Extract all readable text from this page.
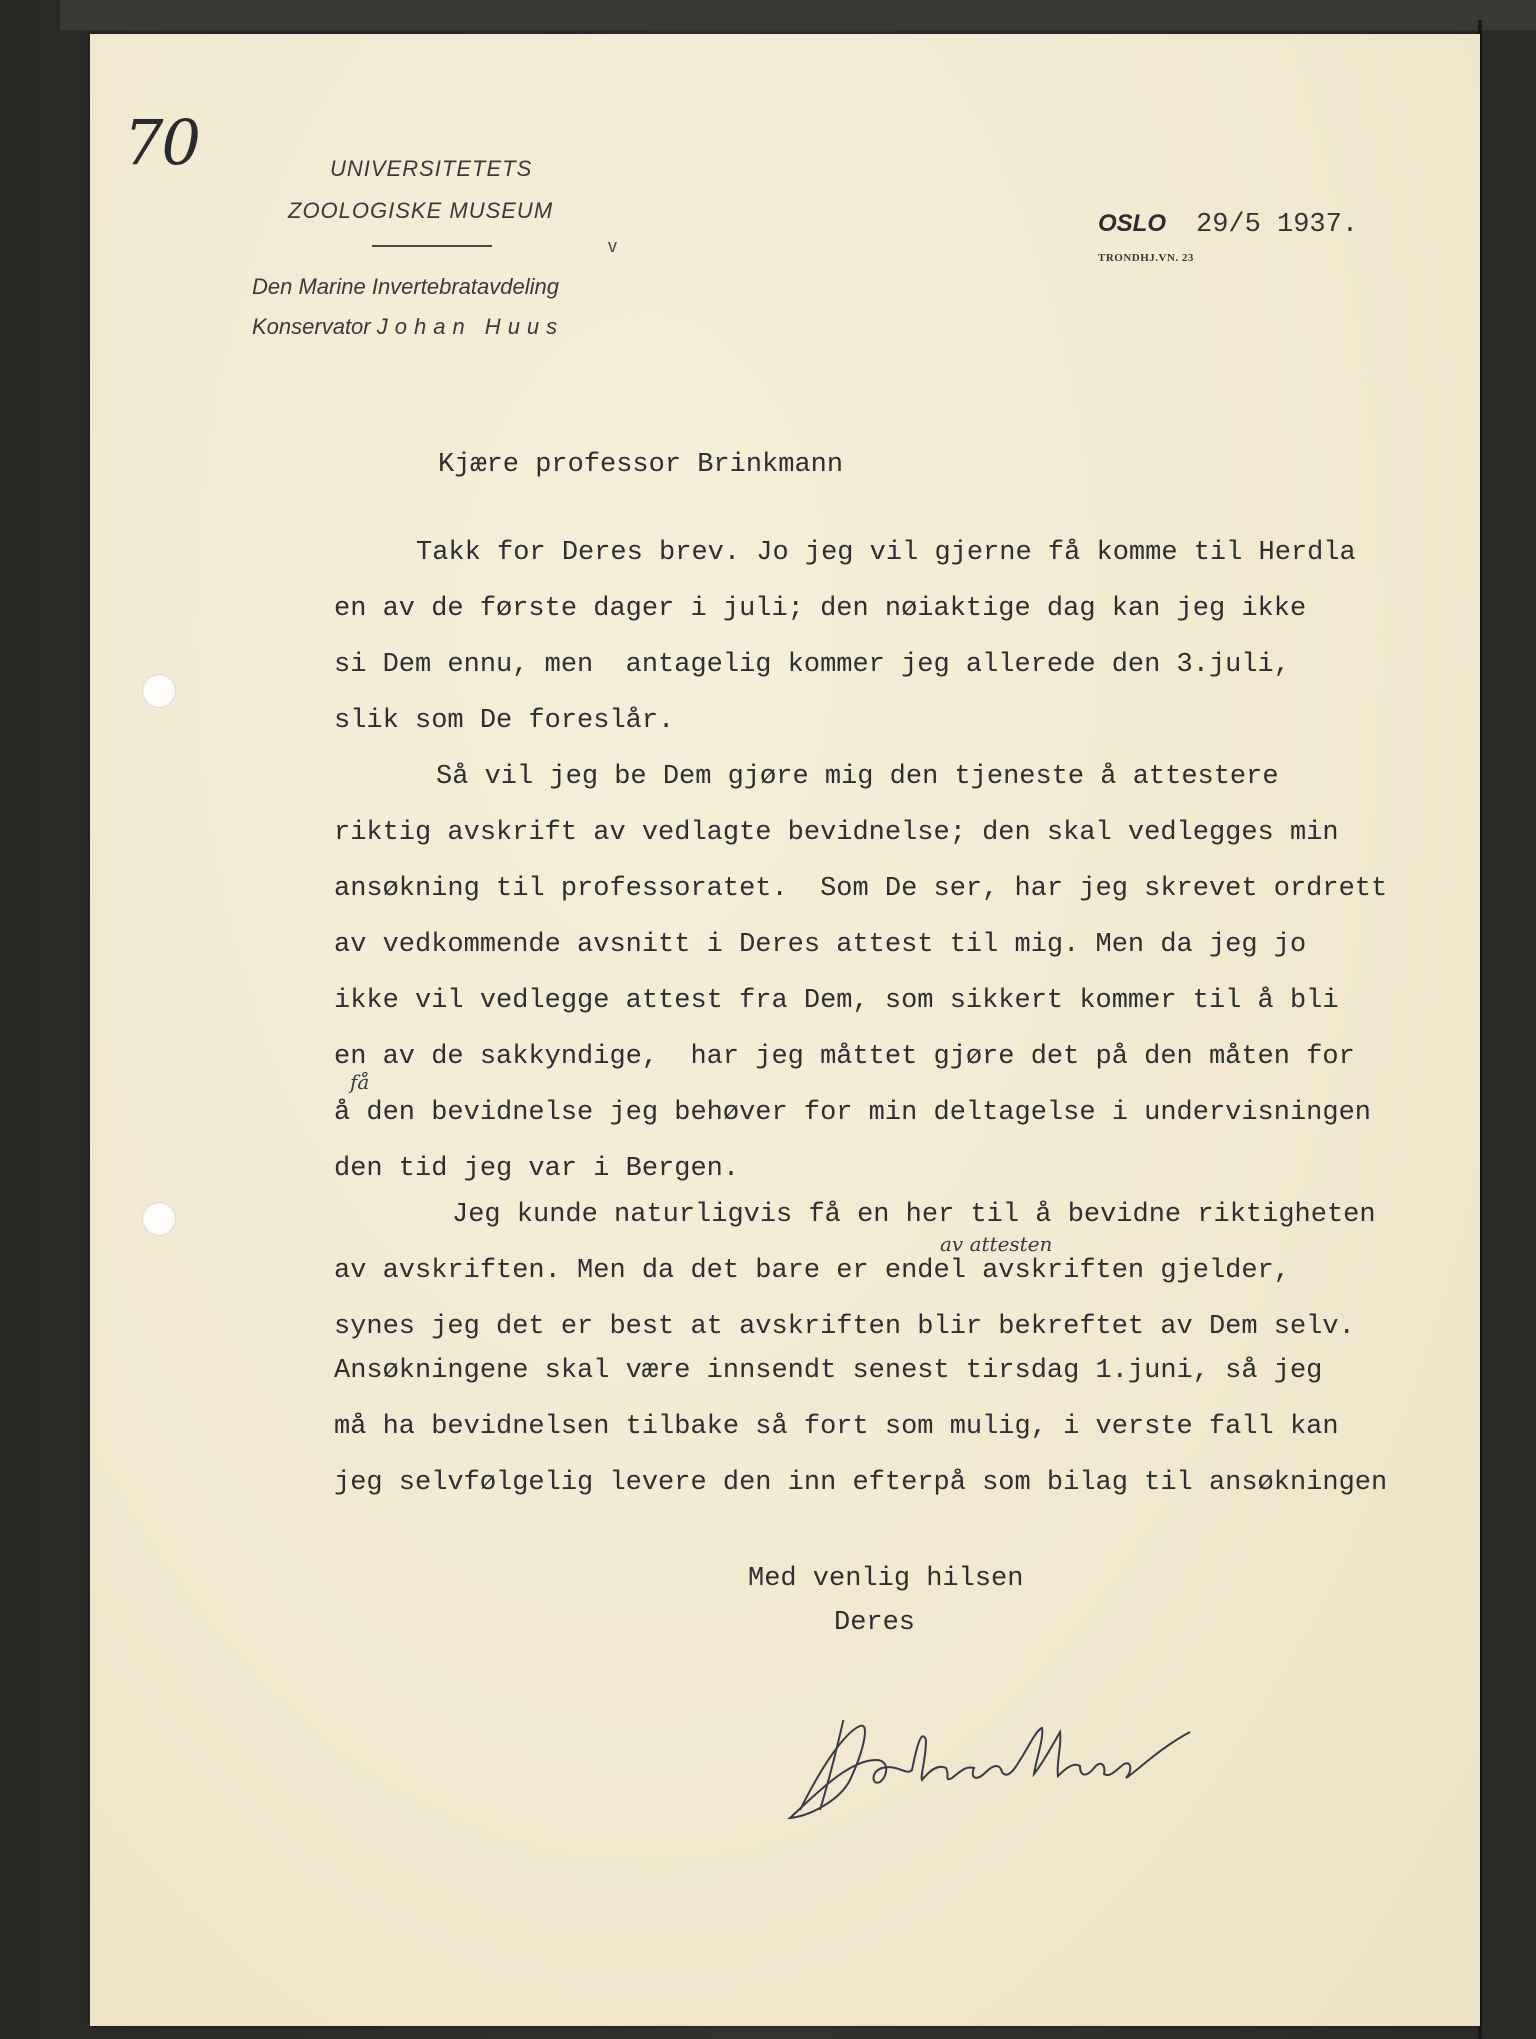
70	UNIVERSITETETS
ZOOLOGISKE MUSEUM
v
Den Marine Invertebratavdeling
Konservator Johan Huus
OSLO 29/5 1937.
TRONDHJ.VN. 23
Kjære professor Brinkmann
Takk for Deres brev. Jo jeg vil gjerne få komme til Herdla
en av de første dager i juli; den nøiaktige dag kan jeg ikke
si Dem ennu, men  antagelig kommer jeg allerede den 3.juli,
slik som De foreslår.
Så vil jeg be Dem gjøre mig den tjeneste å attestere
riktig avskrift av vedlagte bevidnelse; den skal vedlegges min
ansøkning til professoratet.  Som De ser, har jeg skrevet ordrett
av vedkommende avsnitt i Deres attest til mig. Men da jeg jo
ikke vil vedlegge attest fra Dem, som sikkert kommer til å bli
en av de sakkyndige,  har jeg måttet gjøre det på den måten for
å den bevidnelse jeg behøver for min deltagelse i undervisningen
den tid jeg var i Bergen.
Jeg kunde naturligvis få en her til å bevidne riktigheten
av avskriften. Men da det bare er endel avskriften gjelder,
synes jeg det er best at avskriften blir bekreftet av Dem selv.
Ansøkningene skal være innsendt senest tirsdag 1.juni, så jeg
må ha bevidnelsen tilbake så fort som mulig, i verste fall kan
jeg selvfølgelig levere den inn efterpå som bilag til ansøkningen
få
av attesten
Med venlig hilsen
Deres
